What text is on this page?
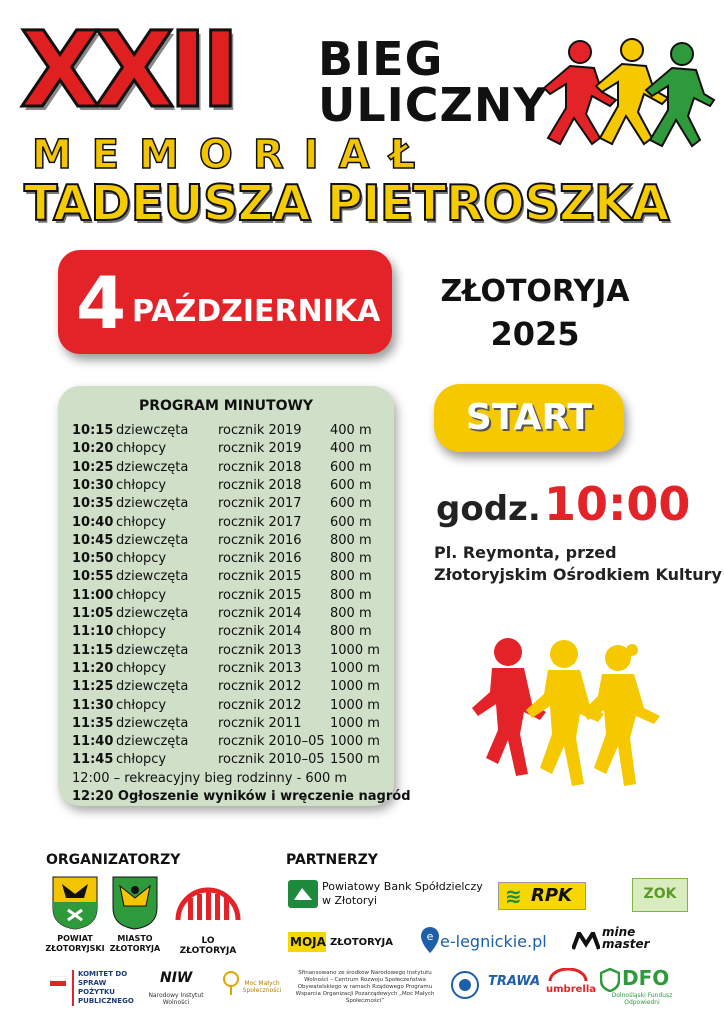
XXII BIEG
ULICZNY
MEMORIAŁ
TADEUSZA PIETROSZKA
4 PAŹDZIERNIKA
ZŁOTORYJA
2025
PROGRAM MINUTOWY
10:15 dziewczęta rocznik 2019 400 m
10:20 chłopcy	rocznik 2019 400 m
10:25 dziewczęta rocznik 2018 600 m
10:30 chłopcy	rocznik 2018 600 m
10:35 dziewczęta rocznik 2017 600 m
10:40 chłopcy	rocznik 2017 600 m
10:45 dziewczęta rocznik 2016 800 m
10:50 chłopcy	rocznik 2016 800 m
10:55 dziewczęta rocznik 2015 800 m
11:00 chłopcy	rocznik 2015 800 m
11:05 dziewczęta rocznik 2014 800 m
11:10 chłopcy	rocznik 2014 800 m
11:15 dziewczęta rocznik 2013 1000 m
11:20 chłopcy	rocznik 2013 1000 m
11:25 dziewczęta rocznik 2012 1000 m
11:30 chłopcy	rocznik 2012 1000 m
11:35 dziewczęta rocznik 2011 1000 m
11:40 dziewczęta rocznik 2010–05 1000 m
11:45 chłopcy	rocznik 2010–05 1500 m
START
godz. 10:00
Pl. Reymonta, przed
Złotoryjskim Ośrodkiem Kultury
ORGANIZATORZY
POWIAT ZŁOTORYJSKI
MIASTO ZŁOTORYJA
LO ZŁOTORYJA
PARTNERZY
Powiatowy Bank Spółdzielczy
w Złotoryi	≋ RPK	ZOK
MOJA ZŁOTORYJA	e e-legnickie.pl	mine
master
KOMITET DO SPRAW POŻYTKU PUBLICZNEGO
NIW
Narodowy Instytut Wolności
Moc Małych Społeczności
Sfinansowano ze środków Narodowego Instytutu Wolności – Centrum Rozwoju Społeczeństwa Obywatelskiego w ramach Rządowego Programu Wsparcia Organizacji Pozarządowych „Moc Małych Społeczności”
TRAWA
umbrella DFO
Dolnośląski Fundusz Odpowiedni
12:00 – rekreacyjny bieg rodzinny - 600 m
12:20 Ogłoszenie wyników i wręczenie nagród
